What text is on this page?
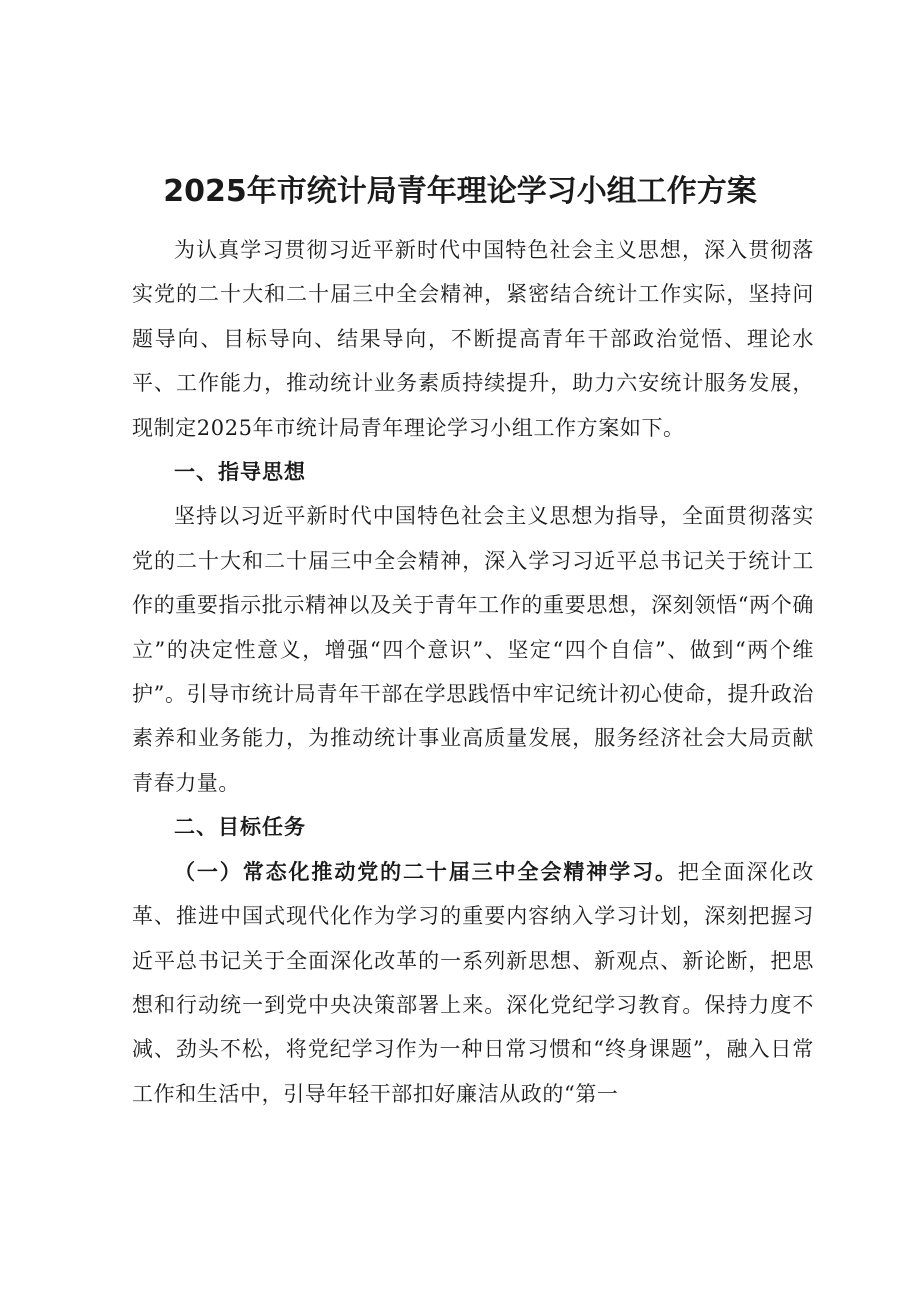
2025年市统计局青年理论学习小组工作方案

为认真学习贯彻习近平新时代中国特色社会主义思想，深入贯彻落实党的二十大和二十届三中全会精神，紧密结合统计工作实际，坚持问题导向、目标导向、结果导向，不断提高青年干部政治觉悟、理论水平、工作能力，推动统计业务素质持续提升，助力六安统计服务发展，现制定2025年市统计局青年理论学习小组工作方案如下。

一、指导思想

坚持以习近平新时代中国特色社会主义思想为指导，全面贯彻落实党的二十大和二十届三中全会精神，深入学习习近平总书记关于统计工作的重要指示批示精神以及关于青年工作的重要思想，深刻领悟“两个确立”的决定性意义，增强“四个意识”、坚定“四个自信”、做到“两个维护”。引导市统计局青年干部在学思践悟中牢记统计初心使命，提升政治素养和业务能力，为推动统计事业高质量发展，服务经济社会大局贡献青春力量。

二、目标任务

（一）常态化推动党的二十届三中全会精神学习。把全面深化改革、推进中国式现代化作为学习的重要内容纳入学习计划，深刻把握习近平总书记关于全面深化改革的一系列新思想、新观点、新论断，把思想和行动统一到党中央决策部署上来。深化党纪学习教育。保持力度不减、劲头不松，将党纪学习作为一种日常习惯和“终身课题”，融入日常工作和生活中，引导年轻干部扣好廉洁从政的“第一
